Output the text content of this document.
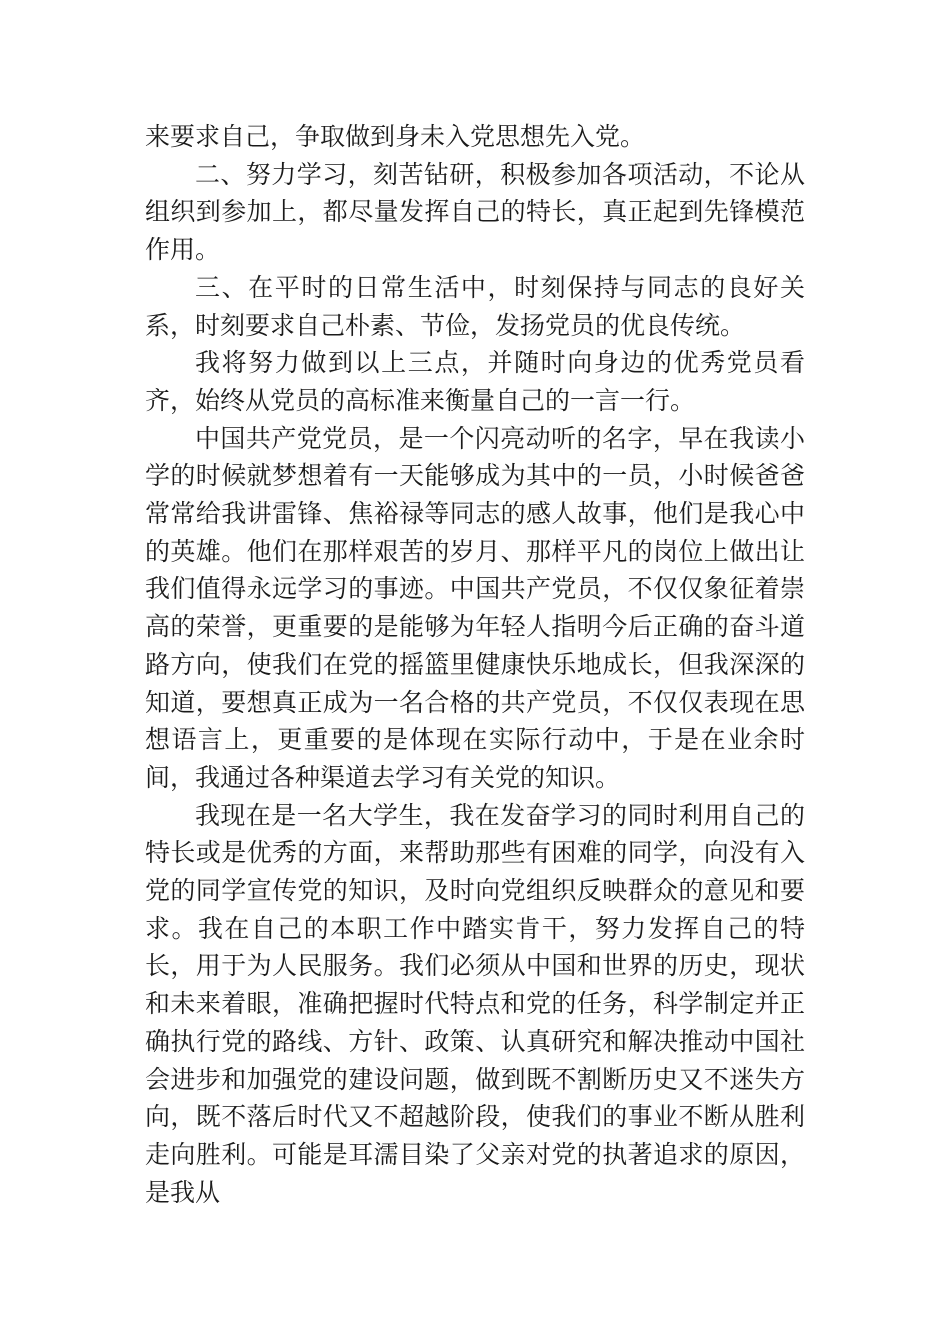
来要求自己，争取做到身未入党思想先入党。

二、努力学习，刻苦钻研，积极参加各项活动，不论从组织到参加上，都尽量发挥自己的特长，真正起到先锋模范作用。

三、在平时的日常生活中，时刻保持与同志的良好关系，时刻要求自己朴素、节俭，发扬党员的优良传统。

我将努力做到以上三点，并随时向身边的优秀党员看齐，始终从党员的高标准来衡量自己的一言一行。

中国共产党党员，是一个闪亮动听的名字，早在我读小学的时候就梦想着有一天能够成为其中的一员，小时候爸爸常常给我讲雷锋、焦裕禄等同志的感人故事，他们是我心中的英雄。他们在那样艰苦的岁月、那样平凡的岗位上做出让我们值得永远学习的事迹。中国共产党员，不仅仅象征着崇高的荣誉，更重要的是能够为年轻人指明今后正确的奋斗道路方向，使我们在党的摇篮里健康快乐地成长，但我深深的知道，要想真正成为一名合格的共产党员，不仅仅表现在思想语言上，更重要的是体现在实际行动中，于是在业余时间，我通过各种渠道去学习有关党的知识。

我现在是一名大学生，我在发奋学习的同时利用自己的特长或是优秀的方面，来帮助那些有困难的同学，向没有入党的同学宣传党的知识，及时向党组织反映群众的意见和要求。我在自己的本职工作中踏实肯干，努力发挥自己的特长，用于为人民服务。我们必须从中国和世界的历史，现状和未来着眼，准确把握时代特点和党的任务，科学制定并正确执行党的路线、方针、政策、认真研究和解决推动中国社会进步和加强党的建设问题，做到既不割断历史又不迷失方向，既不落后时代又不超越阶段，使我们的事业不断从胜利走向胜利。可能是耳濡目染了父亲对党的执著追求的原因，是我从
